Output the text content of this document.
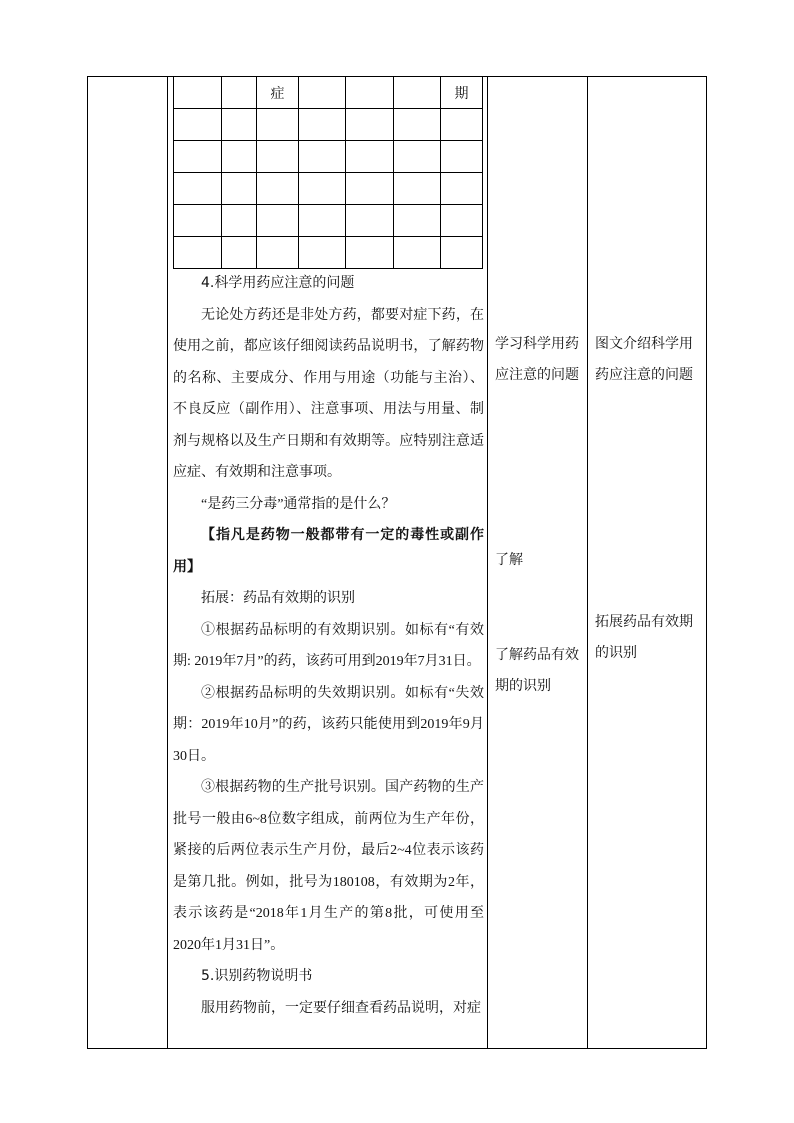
		症				期

4.科学用药应注意的问题

无论处方药还是非处方药，都要对症下药，在使用之前，都应该仔细阅读药品说明书，了解药物的名称、主要成分、作用与用途（功能与主治）、不良反应（副作用）、注意事项、用法与用量、制剂与规格以及生产日期和有效期等。应特别注意适应症、有效期和注意事项。

“是药三分毒”通常指的是什么？

【指凡是药物一般都带有一定的毒性或副作用】

拓展：药品有效期的识别

①根据药品标明的有效期识别。如标有“有效期: 2019年7月”的药，该药可用到2019年7月31日。

②根据药品标明的失效期识别。如标有“失效期：2019年10月”的药，该药只能使用到2019年9月30日。

③根据药物的生产批号识别。国产药物的生产批号一般由6~8位数字组成，前两位为生产年份，紧接的后两位表示生产月份，最后2~4位表示该药是第几批。例如，批号为180108，有效期为2年，表示该药是“2018年1月生产的第8批，可使用至2020年1月31日”。

5.识别药物说明书

服用药物前，一定要仔细查看药品说明，对症

学习科学用药应注意的问题
了解
了解药品有效期的识别
图文介绍科学用药应注意的问题
拓展药品有效期的识别
